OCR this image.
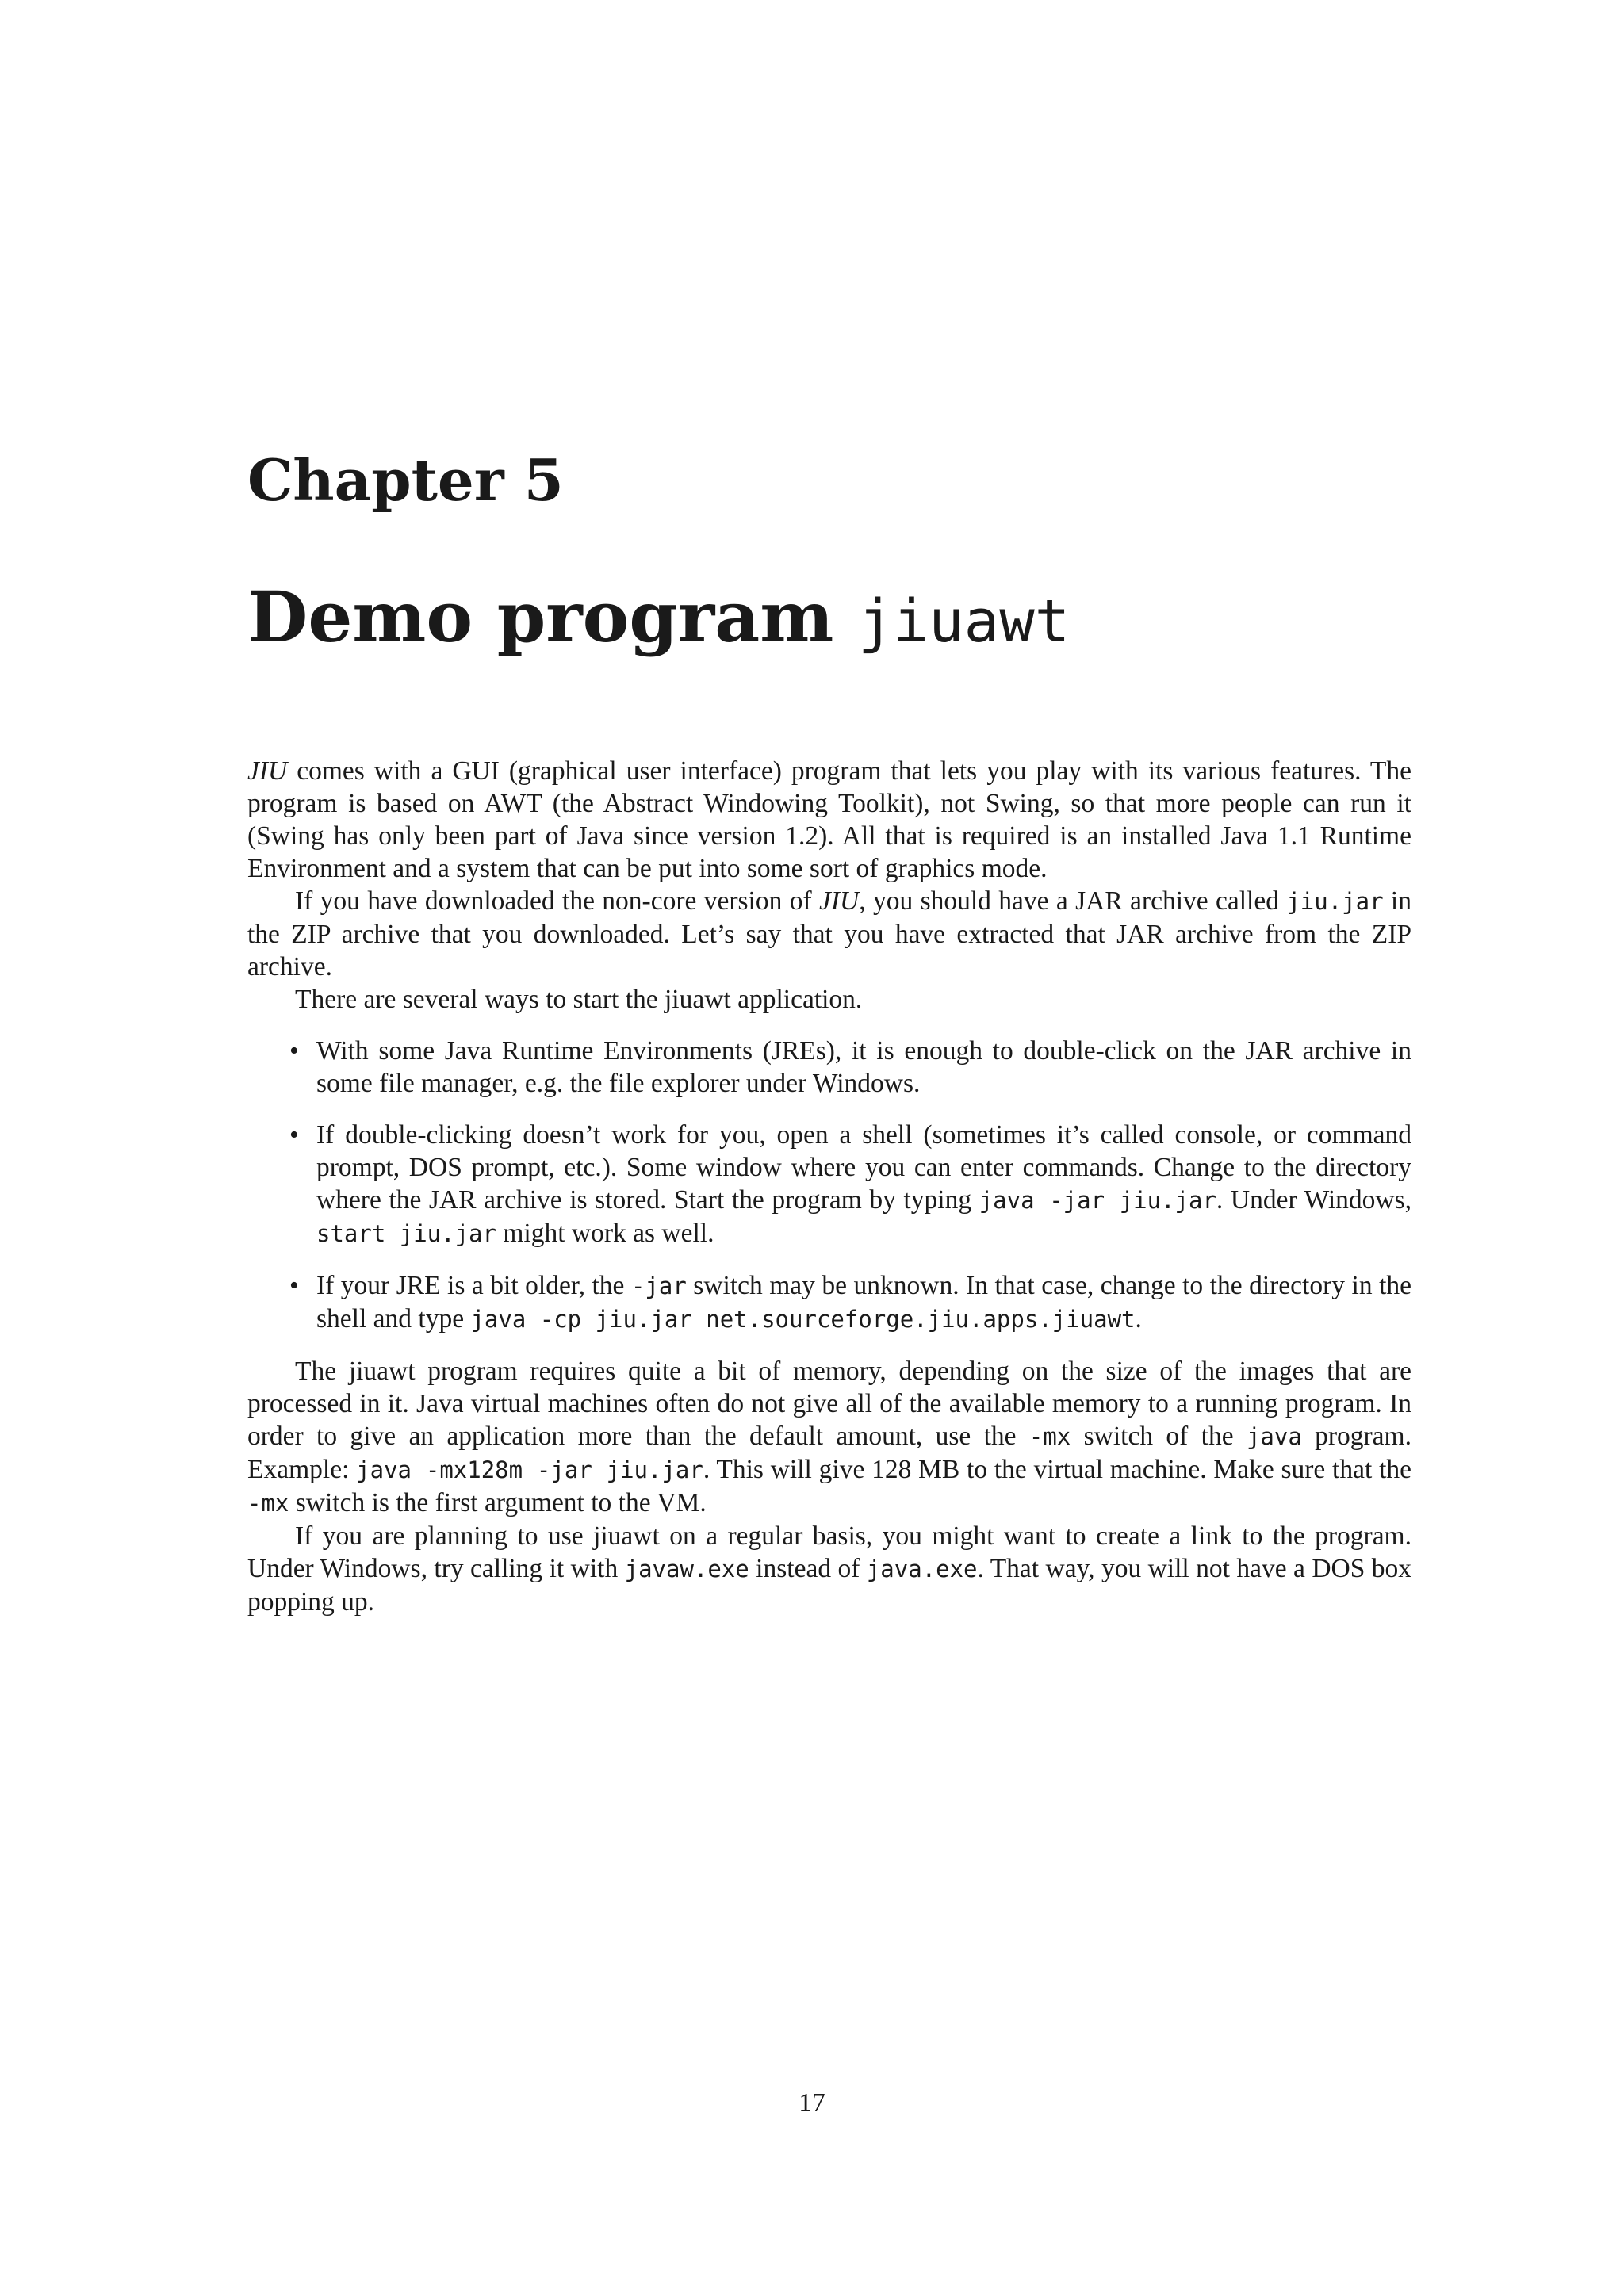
Chapter 5
Demo program jiuawt

JIU comes with a GUI (graphical user interface) program that lets you play with its various features. The program is based on AWT (the Abstract Windowing Toolkit), not Swing, so that more people can run it (Swing has only been part of Java since version 1.2). All that is required is an installed Java 1.1 Runtime Environment and a system that can be put into some sort of graphics mode.

If you have downloaded the non-core version of JIU, you should have a JAR archive called jiu.jar in the ZIP archive that you downloaded. Let’s say that you have extracted that JAR archive from the ZIP archive.

There are several ways to start the jiuawt application.

• With some Java Runtime Environments (JREs), it is enough to double-click on the JAR archive in some file manager, e.g. the file explorer under Windows.
• If double-clicking doesn’t work for you, open a shell (sometimes it’s called console, or command prompt, DOS prompt, etc.). Some window where you can enter commands. Change to the directory where the JAR archive is stored. Start the program by typing java -jar jiu.jar. Under Windows, start jiu.jar might work as well.
• If your JRE is a bit older, the -jar switch may be unknown. In that case, change to the directory in the shell and type java -cp jiu.jar net.sourceforge.jiu.apps.jiuawt.

The jiuawt program requires quite a bit of memory, depending on the size of the images that are processed in it. Java virtual machines often do not give all of the available memory to a running program. In order to give an application more than the default amount, use the -mx switch of the java program. Example: java -mx128m -jar jiu.jar. This will give 128 MB to the virtual machine. Make sure that the -mx switch is the first argument to the VM.

If you are planning to use jiuawt on a regular basis, you might want to create a link to the program. Under Windows, try calling it with javaw.exe instead of java.exe. That way, you will not have a DOS box popping up.

17
